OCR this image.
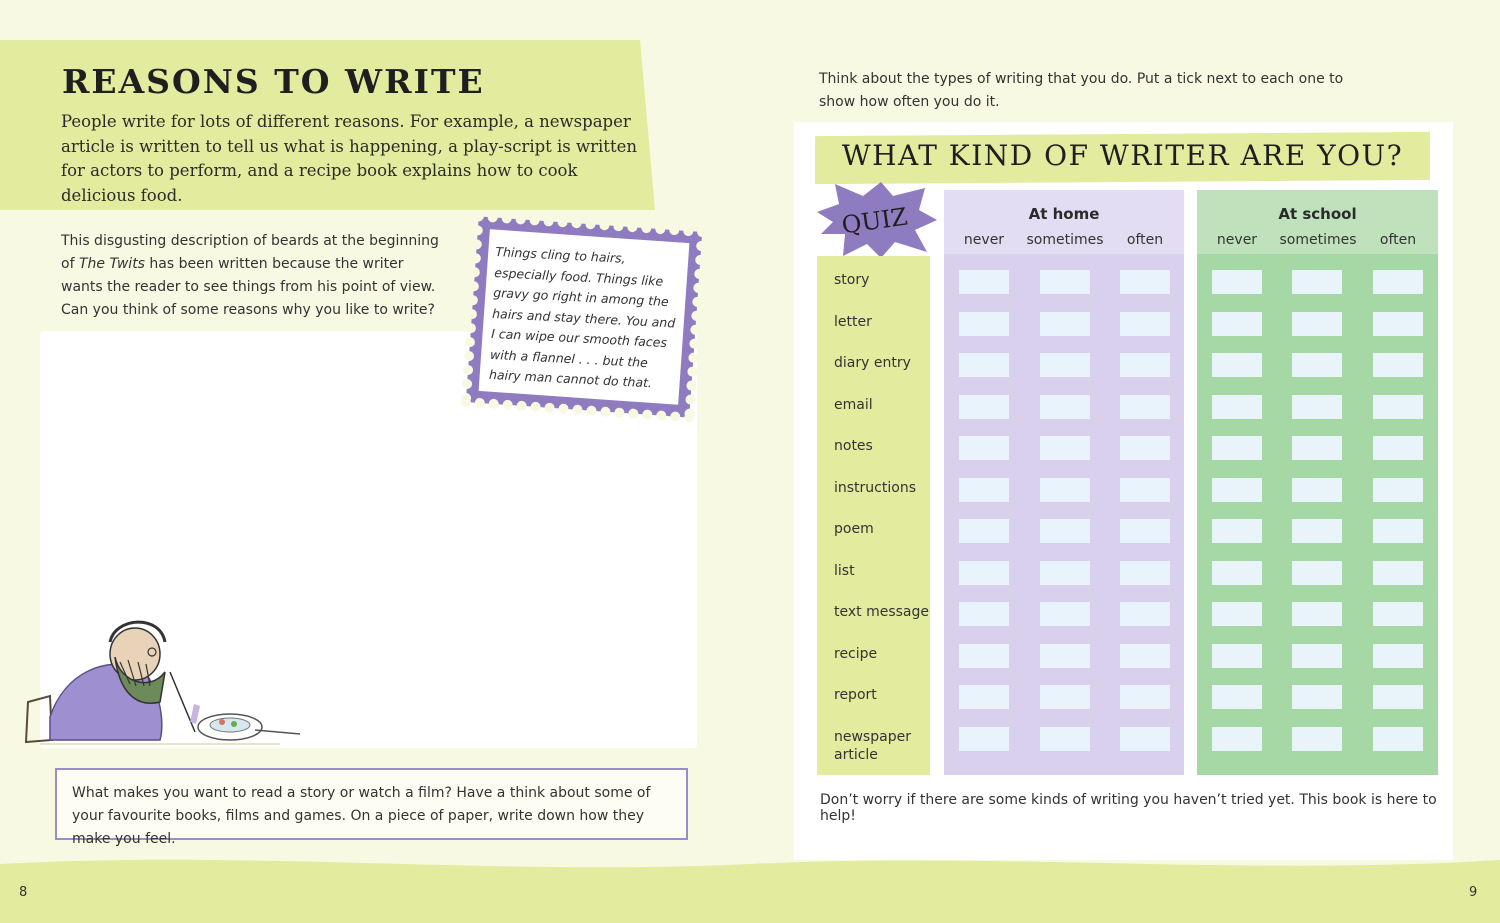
REASONS TO WRITE
People write for lots of different reasons. For example, a newspaper article is written to tell us what is happening, a play-script is written for actors to perform, and a recipe book explains how to cook delicious food.
This disgusting description of beards at the beginning of The Twits has been written because the writer wants the reader to see things from his point of view. Can you think of some reasons why you like to write?
Things cling to hairs, especially food. Things like gravy go right in among the hairs and stay there. You and I can wipe our smooth faces with a flannel . . . but the hairy man cannot do that.
What makes you want to read a story or watch a film? Have a think about some of your favourite books, films and games. On a piece of paper, write down how they make you feel.
Think about the types of writing that you do. Put a tick next to each one to show how often you do it.
WHAT KIND OF WRITER ARE YOU?
QUIZ	At home	At school
never	sometimes	often	never	sometimes	often
story
letter
diary entry
email
notes
instructions
poem
list
text message
recipe
report
newspaper article
Don’t worry if there are some kinds of writing you haven’t tried yet. This book is here to help!
8	9
